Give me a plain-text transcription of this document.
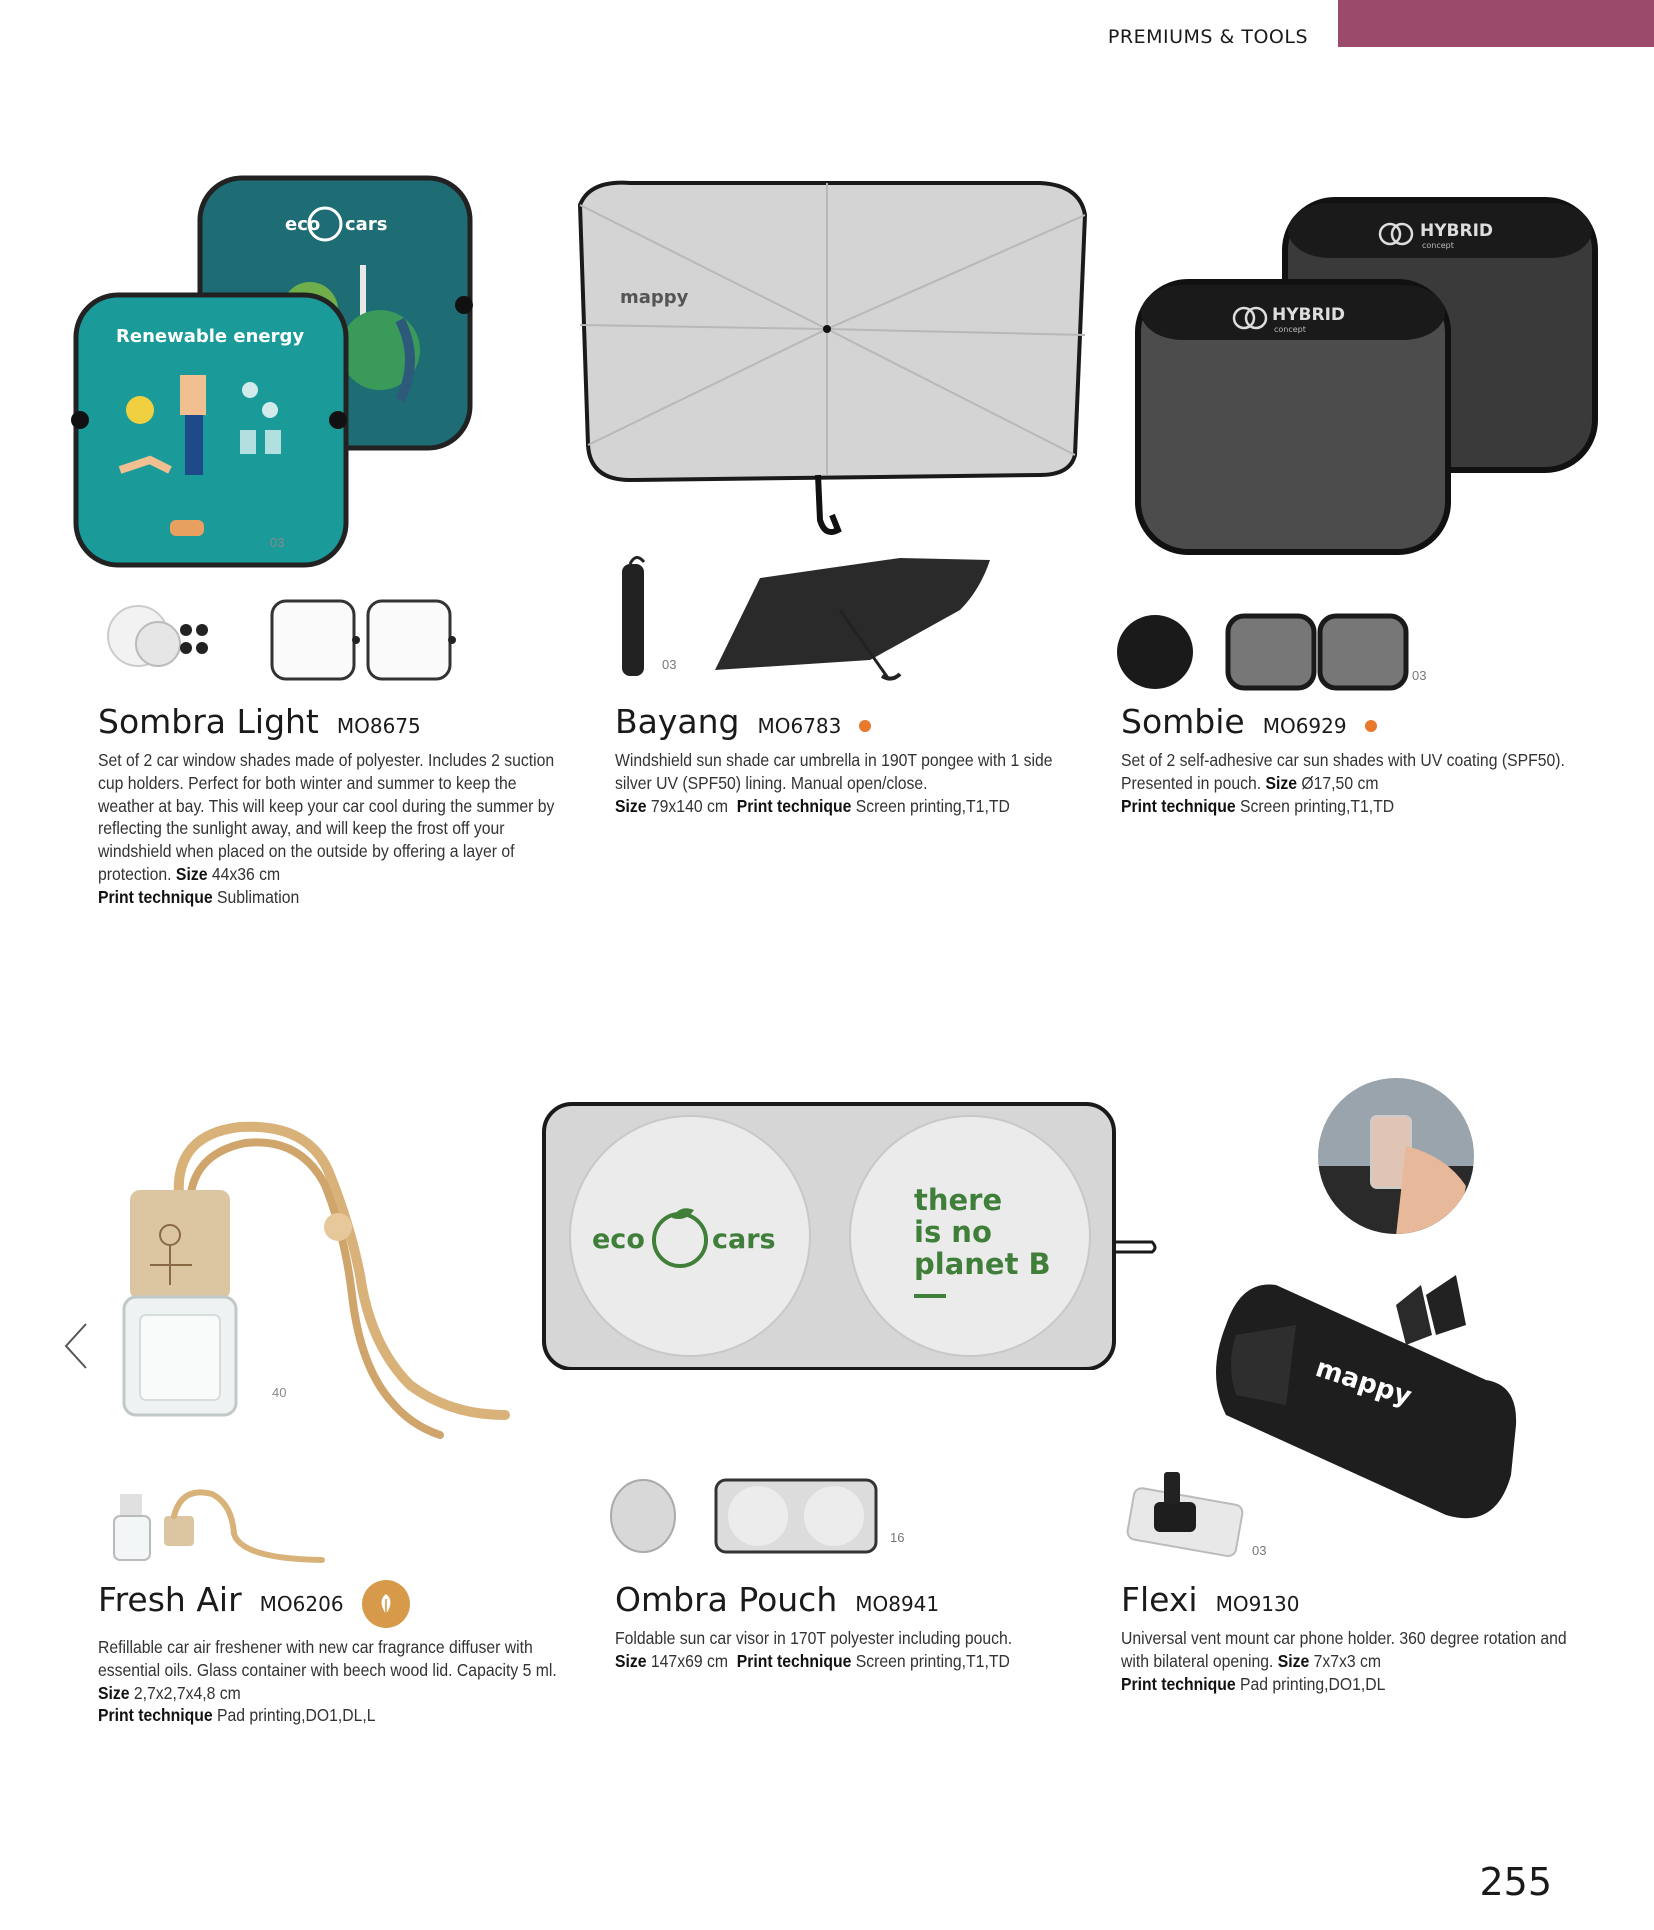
PREMIUMS & TOOLS
eco cars
Renewable energy
03
mappy
03
HYBRID
concept
HYBRID
concept
03
Sombra Light MO8675
Set of 2 car window shades made of polyester. Includes 2 suction cup holders. Perfect for both winter and summer to keep the weather at bay. This will keep your car cool during the summer by reflecting the sunlight away, and will keep the frost off your windshield when placed on the outside by offering a layer of protection. Size 44x36 cm
Print technique Sublimation
Bayang MO6783
Windshield sun shade car umbrella in 190T pongee with 1 side silver UV (SPF50) lining. Manual open/close.
Size 79x140 cm Print technique Screen printing,T1,TD
Sombie MO6929
Set of 2 self-adhesive car sun shades with UV coating (SPF50). Presented in pouch. Size Ø17,50 cm
Print technique Screen printing,T1,TD
40
eco cars
there
is no
planet B
16
mappy
03
Fresh Air MO6206
Refillable car air freshener with new car fragrance diffuser with essential oils. Glass container with beech wood lid. Capacity 5 ml. Size 2,7x2,7x4,8 cm
Print technique Pad printing,DO1,DL,L
Ombra Pouch MO8941
Foldable sun car visor in 170T polyester including pouch.
Size 147x69 cm Print technique Screen printing,T1,TD
Flexi MO9130
Universal vent mount car phone holder. 360 degree rotation and with bilateral opening. Size 7x7x3 cm
Print technique Pad printing,DO1,DL
255
